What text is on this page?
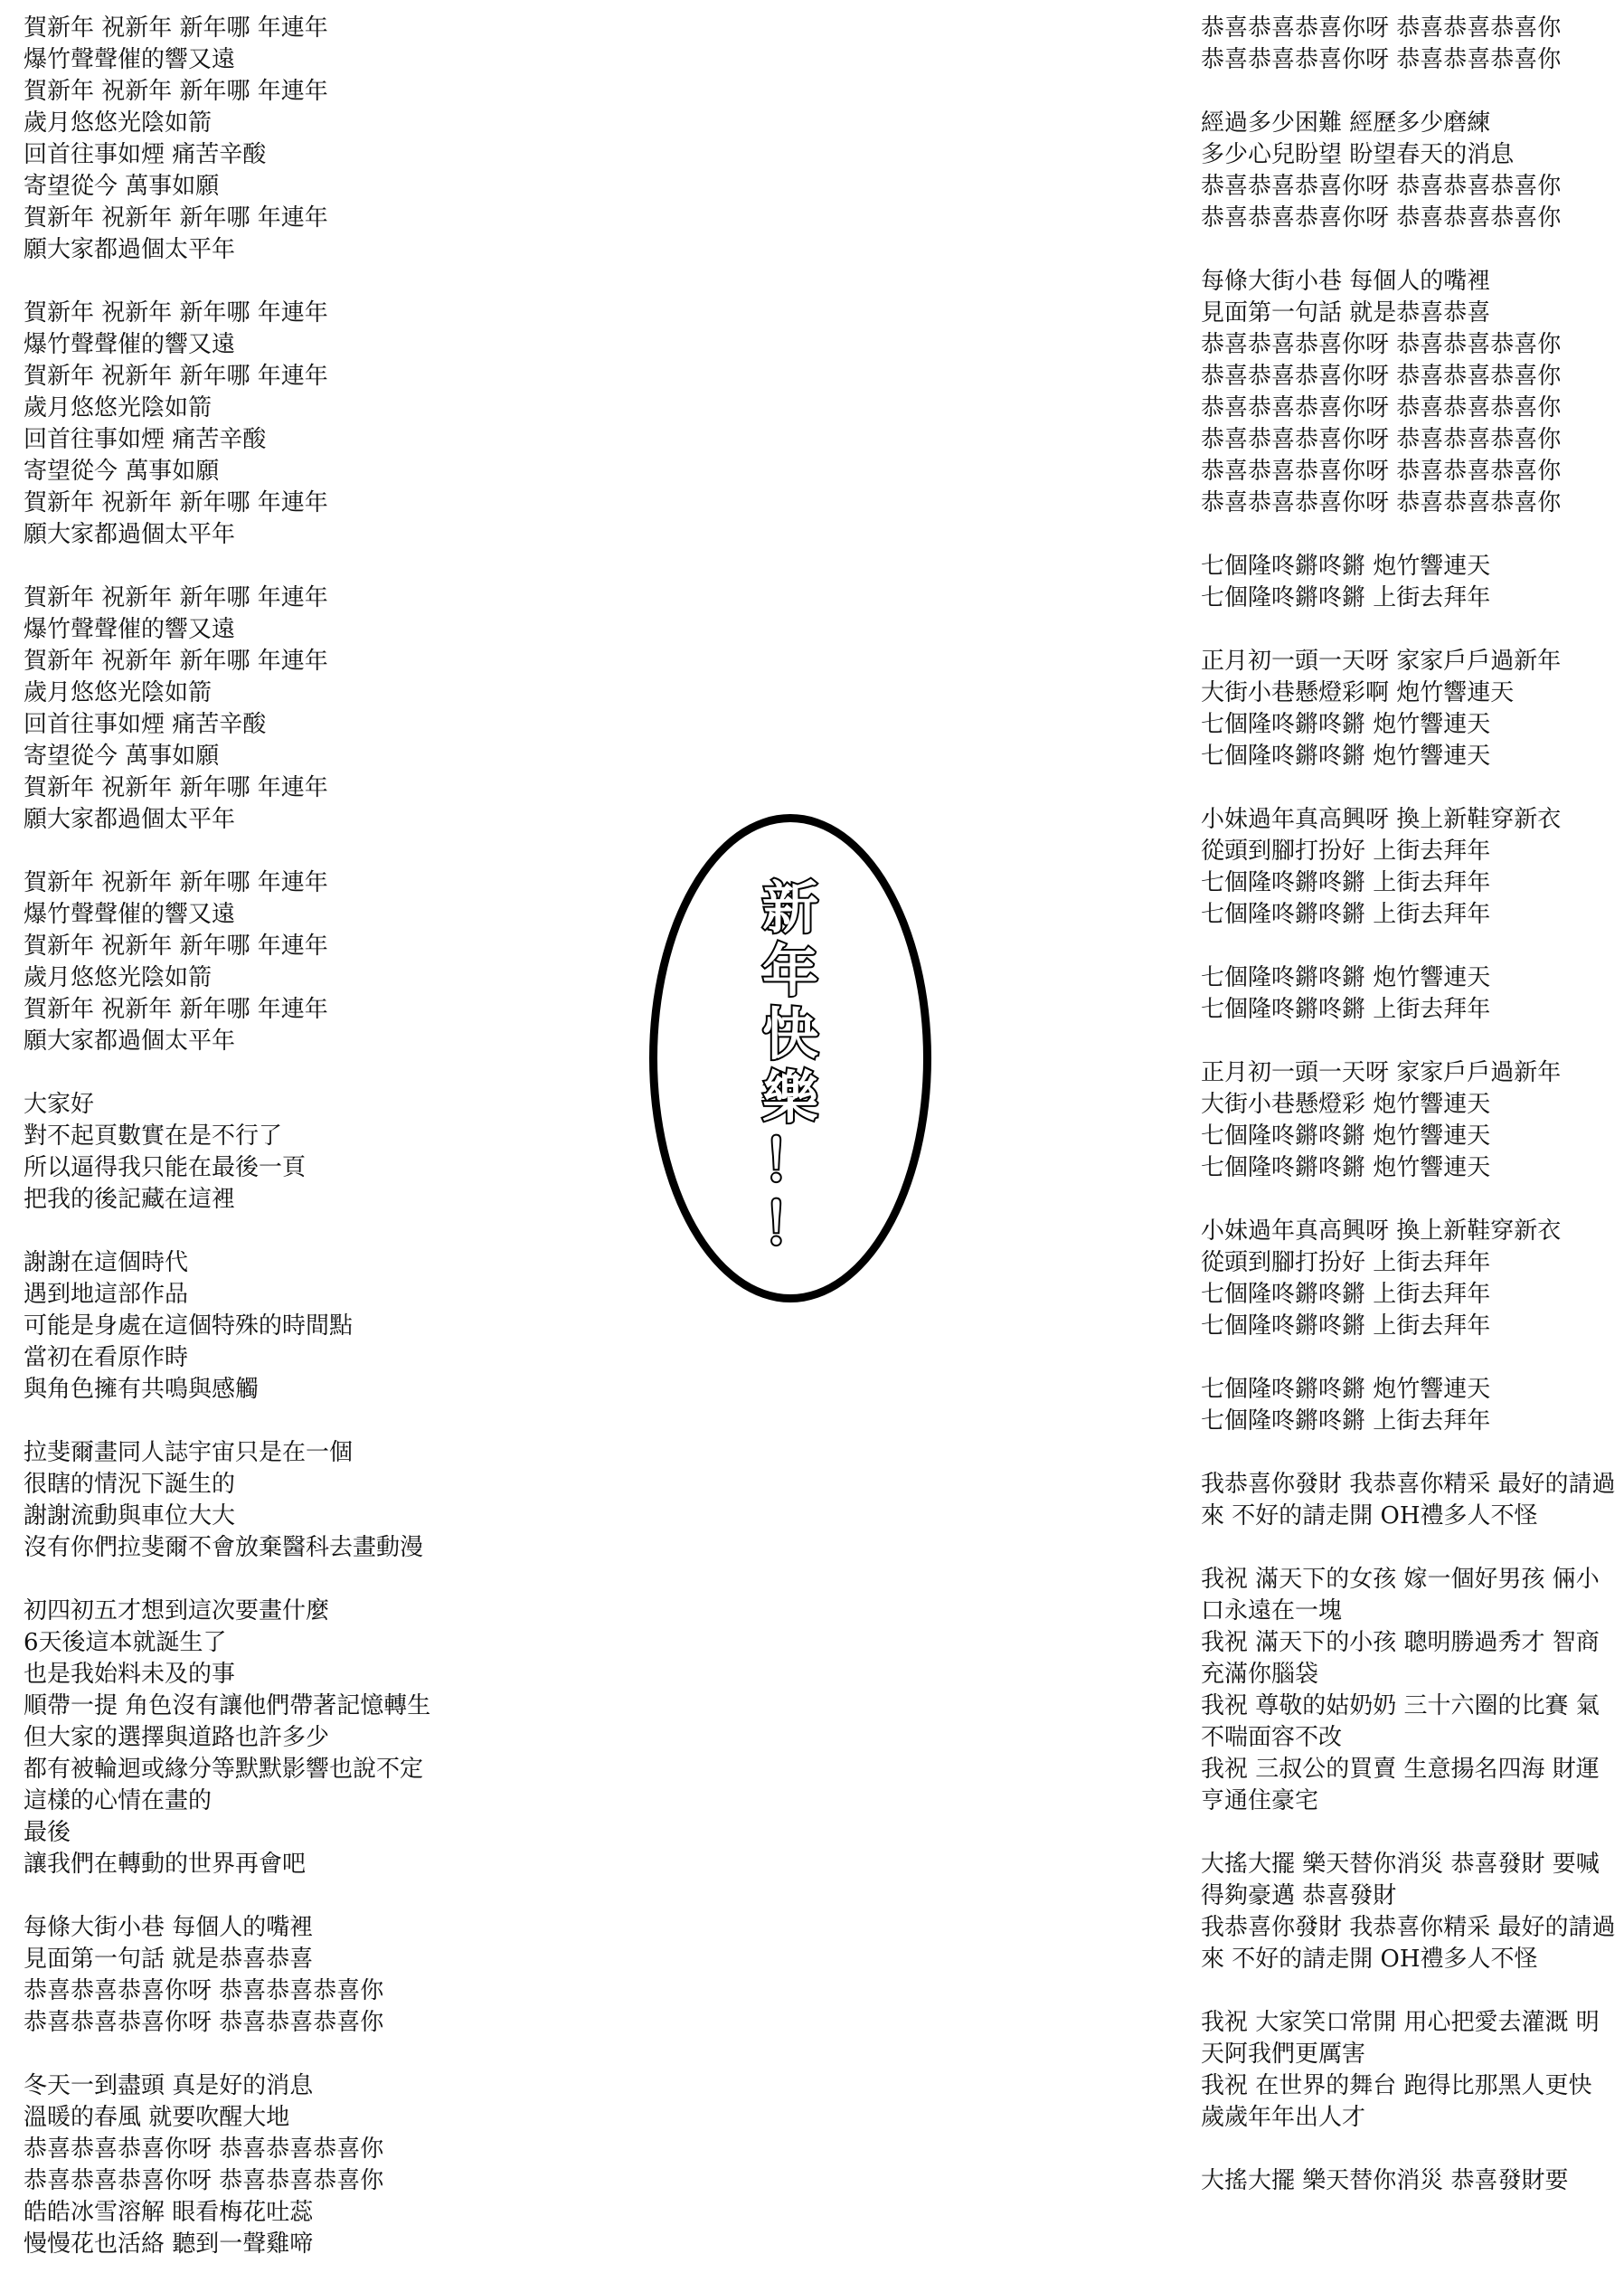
賀新年 祝新年 新年哪 年連年
爆竹聲聲催的響又遠
賀新年 祝新年 新年哪 年連年
歲月悠悠光陰如箭
回首往事如煙 痛苦辛酸
寄望從今 萬事如願
賀新年 祝新年 新年哪 年連年
願大家都過個太平年
賀新年 祝新年 新年哪 年連年
爆竹聲聲催的響又遠
賀新年 祝新年 新年哪 年連年
歲月悠悠光陰如箭
回首往事如煙 痛苦辛酸
寄望從今 萬事如願
賀新年 祝新年 新年哪 年連年
願大家都過個太平年
賀新年 祝新年 新年哪 年連年
爆竹聲聲催的響又遠
賀新年 祝新年 新年哪 年連年
歲月悠悠光陰如箭
回首往事如煙 痛苦辛酸
寄望從今 萬事如願
賀新年 祝新年 新年哪 年連年
願大家都過個太平年
賀新年 祝新年 新年哪 年連年
爆竹聲聲催的響又遠
賀新年 祝新年 新年哪 年連年
歲月悠悠光陰如箭
賀新年 祝新年 新年哪 年連年
願大家都過個太平年
大家好
對不起頁數實在是不行了
所以逼得我只能在最後一頁
把我的後記藏在這裡
謝謝在這個時代
遇到地這部作品
可能是身處在這個特殊的時間點
當初在看原作時
與角色擁有共鳴與感觸
拉斐爾畫同人誌宇宙只是在一個
很瞎的情況下誕生的
謝謝流動與車位大大
沒有你們拉斐爾不會放棄醫科去畫動漫
初四初五才想到這次要畫什麼
6天後這本就誕生了
也是我始料未及的事
順帶一提 角色沒有讓他們帶著記憶轉生
但大家的選擇與道路也許多少
都有被輪迴或緣分等默默影響也說不定
這樣的心情在畫的
最後
讓我們在轉動的世界再會吧
每條大街小巷 每個人的嘴裡
見面第一句話 就是恭喜恭喜
恭喜恭喜恭喜你呀 恭喜恭喜恭喜你
恭喜恭喜恭喜你呀 恭喜恭喜恭喜你
冬天一到盡頭 真是好的消息
溫暖的春風 就要吹醒大地
恭喜恭喜恭喜你呀 恭喜恭喜恭喜你
恭喜恭喜恭喜你呀 恭喜恭喜恭喜你
皓皓冰雪溶解 眼看梅花吐蕊
慢慢花也活絡 聽到一聲雞啼
新
年
快
樂
！
！
恭喜恭喜恭喜你呀 恭喜恭喜恭喜你
恭喜恭喜恭喜你呀 恭喜恭喜恭喜你
經過多少困難 經歷多少磨練
多少心兒盼望 盼望春天的消息
恭喜恭喜恭喜你呀 恭喜恭喜恭喜你
恭喜恭喜恭喜你呀 恭喜恭喜恭喜你
每條大街小巷 每個人的嘴裡
見面第一句話 就是恭喜恭喜
恭喜恭喜恭喜你呀 恭喜恭喜恭喜你
恭喜恭喜恭喜你呀 恭喜恭喜恭喜你
恭喜恭喜恭喜你呀 恭喜恭喜恭喜你
恭喜恭喜恭喜你呀 恭喜恭喜恭喜你
恭喜恭喜恭喜你呀 恭喜恭喜恭喜你
恭喜恭喜恭喜你呀 恭喜恭喜恭喜你
七個隆咚鏘咚鏘 炮竹響連天
七個隆咚鏘咚鏘 上街去拜年
正月初一頭一天呀 家家戶戶過新年
大街小巷懸燈彩啊 炮竹響連天
七個隆咚鏘咚鏘 炮竹響連天
七個隆咚鏘咚鏘 炮竹響連天
小妹過年真高興呀 換上新鞋穿新衣
從頭到腳打扮好 上街去拜年
七個隆咚鏘咚鏘 上街去拜年
七個隆咚鏘咚鏘 上街去拜年
七個隆咚鏘咚鏘 炮竹響連天
七個隆咚鏘咚鏘 上街去拜年
正月初一頭一天呀 家家戶戶過新年
大街小巷懸燈彩 炮竹響連天
七個隆咚鏘咚鏘 炮竹響連天
七個隆咚鏘咚鏘 炮竹響連天
小妹過年真高興呀 換上新鞋穿新衣
從頭到腳打扮好 上街去拜年
七個隆咚鏘咚鏘 上街去拜年
七個隆咚鏘咚鏘 上街去拜年
七個隆咚鏘咚鏘 炮竹響連天
七個隆咚鏘咚鏘 上街去拜年
我恭喜你發財 我恭喜你精采 最好的請過來 不好的請走開 OH禮多人不怪
我祝 滿天下的女孩 嫁一個好男孩 倆小口永遠在一塊
我祝 滿天下的小孩 聰明勝過秀才 智商充滿你腦袋
我祝 尊敬的姑奶奶 三十六圈的比賽 氣不喘面容不改
我祝 三叔公的買賣 生意揚名四海 財運亨通住豪宅
大搖大擺 樂天替你消災 恭喜發財 要喊得夠豪邁 恭喜發財
我恭喜你發財 我恭喜你精采 最好的請過來 不好的請走開 OH禮多人不怪
我祝 大家笑口常開 用心把愛去灌溉 明天阿我們更厲害
我祝 在世界的舞台 跑得比那黑人更快 歲歲年年出人才
大搖大擺 樂天替你消災 恭喜發財要
